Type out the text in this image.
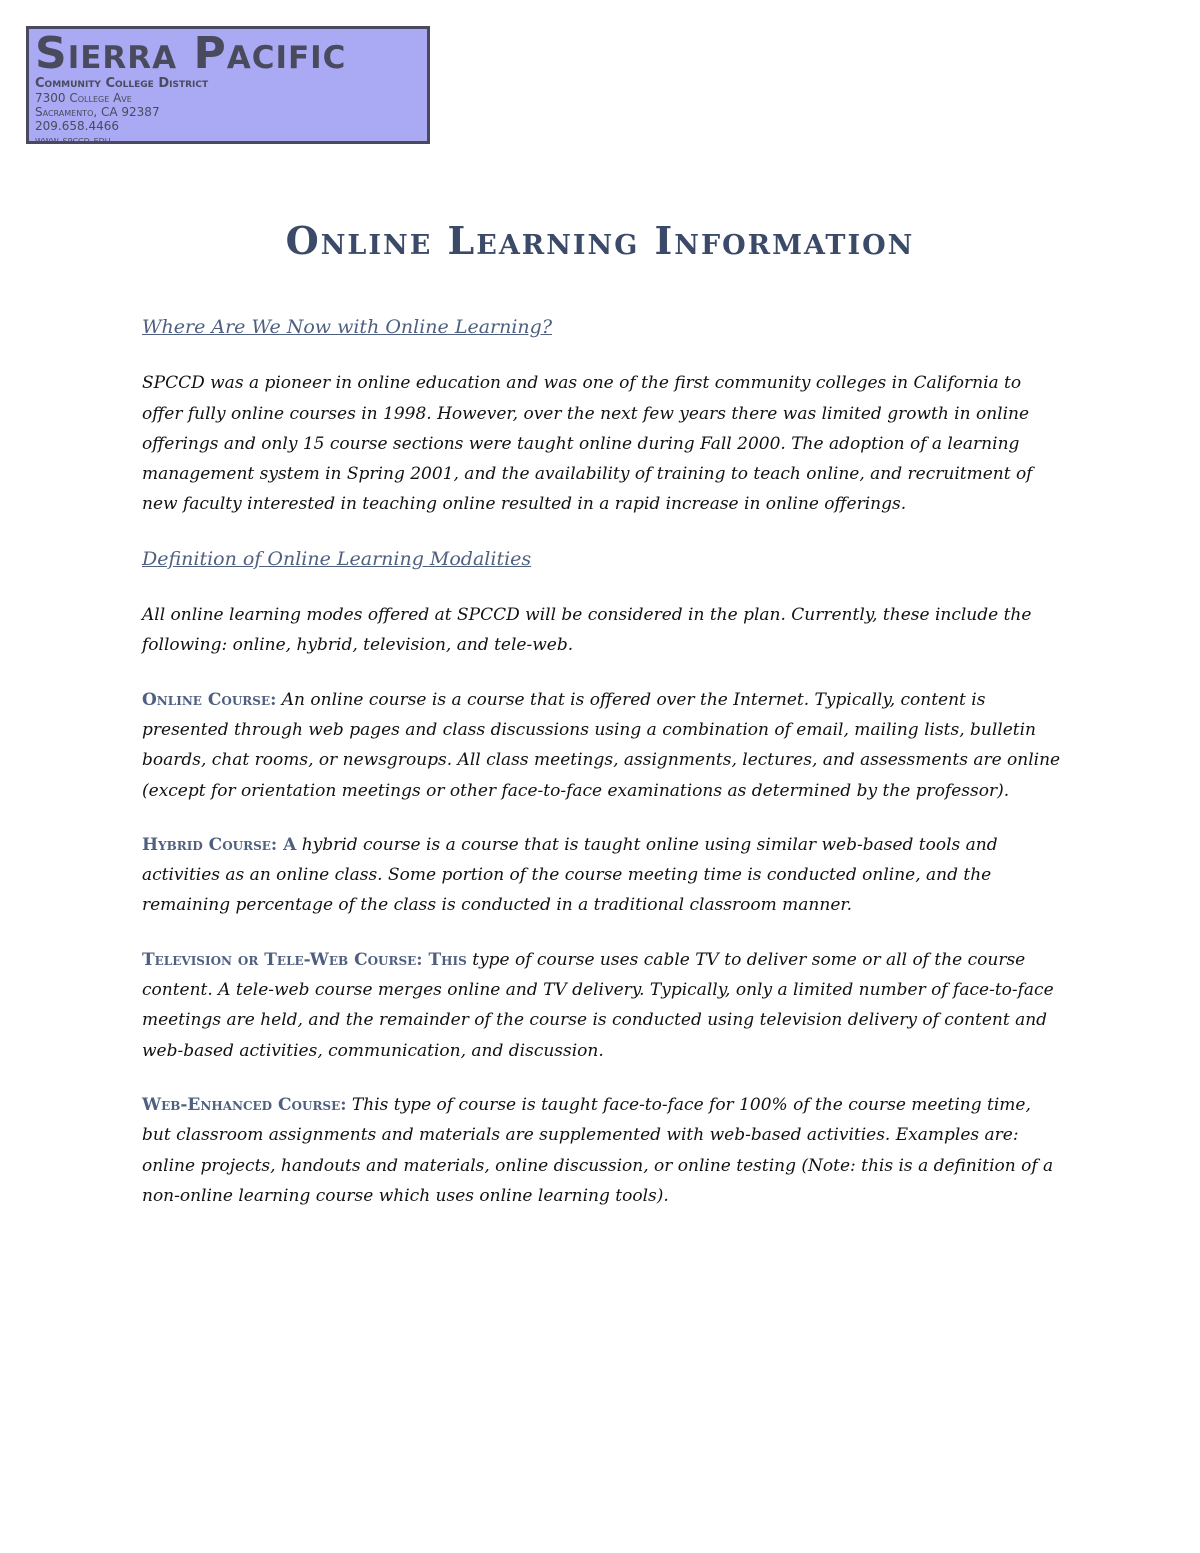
Sierra Pacific
Community College District
7300 College Ave
Sacramento, CA 92387
209.658.4466
www.spccd.edu
Online Learning Information
Where Are We Now with Online Learning?

SPCCD was a pioneer in online education and was one of the first community colleges in California to offer fully online courses in 1998. However, over the next few years there was limited growth in online offerings and only 15 course sections were taught online during Fall 2000. The adoption of a learning management system in Spring 2001, and the availability of training to teach online, and recruitment of new faculty interested in teaching online resulted in a rapid increase in online offerings.

Definition of Online Learning Modalities

All online learning modes offered at SPCCD will be considered in the plan. Currently, these include the following: online, hybrid, television, and tele-web.

Online Course: An online course is a course that is offered over the Internet. Typically, content is presented through web pages and class discussions using a combination of email, mailing lists, bulletin boards, chat rooms, or newsgroups. All class meetings, assignments, lectures, and assessments are online (except for orientation meetings or other face-to-face examinations as determined by the professor).

Hybrid Course: A hybrid course is a course that is taught online using similar web-based tools and activities as an online class. Some portion of the course meeting time is conducted online, and the remaining percentage of the class is conducted in a traditional classroom manner.

Television or Tele-Web Course: This type of course uses cable TV to deliver some or all of the course content. A tele-web course merges online and TV delivery. Typically, only a limited number of face-to-face meetings are held, and the remainder of the course is conducted using television delivery of content and web-based activities, communication, and discussion.

Web-Enhanced Course: This type of course is taught face-to-face for 100% of the course meeting time, but classroom assignments and materials are supplemented with web-based activities. Examples are: online projects, handouts and materials, online discussion, or online testing (Note: this is a definition of a non-online learning course which uses online learning tools).
